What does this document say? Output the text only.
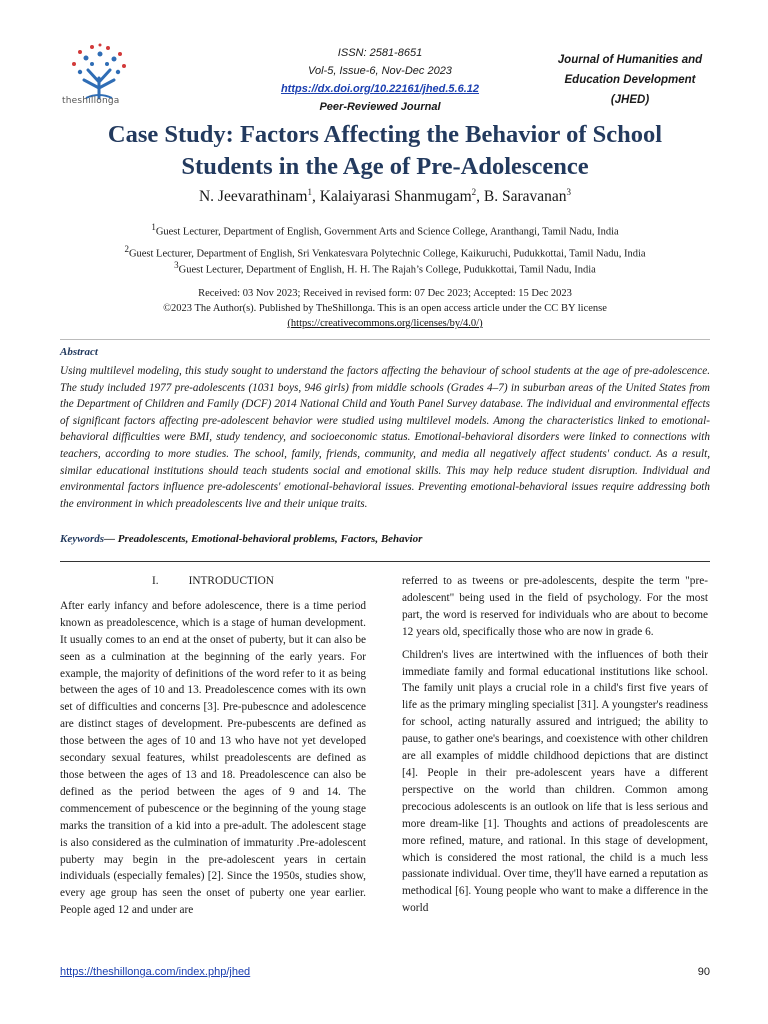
theshillonga
ISSN: 2581-8651
Vol-5, Issue-6, Nov-Dec 2023
https://dx.doi.org/10.22161/jhed.5.6.12
Peer-Reviewed Journal
Journal of Humanities and
Education Development
(JHED)
Case Study: Factors Affecting the Behavior of School
Students in the Age of Pre-Adolescence
N. Jeevarathinam$^1$, Kalaiyarasi Shanmugam$^2$, B. Saravanan$^3$
$^1$Guest Lecturer, Department of English, Government Arts and Science College, Aranthangi, Tamil Nadu, India
$^2$Guest Lecturer, Department of English, Sri Venkatesvara Polytechnic College, Kaikuruchi, Pudukkottai, Tamil Nadu, India
$^3$Guest Lecturer, Department of English, H. H. The Rajah’s College, Pudukkottai, Tamil Nadu, India
Received: 03 Nov 2023; Received in revised form: 07 Dec 2023; Accepted: 15 Dec 2023
©2023 The Author(s). Published by TheShillonga. This is an open access article under the CC BY license
(https://creativecommons.org/licenses/by/4.0/)
Abstract

Using multilevel modeling, this study sought to understand the factors affecting the behaviour of school students at the age of pre-adolescence. The study included 1977 pre-adolescents (1031 boys, 946 girls) from middle schools (Grades 4–7) in suburban areas of the United States from the Department of Children and Family (DCF) 2014 National Child and Youth Panel Survey database. The individual and environmental effects of significant factors affecting pre-adolescent behavior were studied using multilevel models. Among the characteristics linked to emotional-behavioral difficulties were BMI, study tendency, and socioeconomic status. Emotional-behavioral disorders were linked to connections with teachers, according to more studies. The school, family, friends, community, and media all negatively affect students' conduct. As a result, similar educational institutions should teach students social and emotional skills. This may help reduce student disruption. Individual and environmental factors influence pre-adolescents' emotional-behavioral issues. Preventing emotional-behavioral issues require addressing both the environment in which preadolescents live and their unique traits.

Keywords— Preadolescents, Emotional-behavioral problems, Factors, Behavior
I.	INTRODUCTION

After early infancy and before adolescence, there is a time period known as preadolescence, which is a stage of human development. It usually comes to an end at the onset of puberty, but it can also be seen as a culmination at the beginning of the early years. For example, the majority of definitions of the word refer to it as being between the ages of 10 and 13. Preadolescence comes with its own set of difficulties and concerns [3]. Pre-pubescnce and adolescence are distinct stages of development. Pre-pubescents are defined as those between the ages of 10 and 13 who have not yet developed secondary sexual features, whilst preadolescents are defined as those between the ages of 13 and 18. Preadolescence can also be defined as the period between the ages of 9 and 14. The commencement of pubescence or the beginning of the young stage marks the transition of a kid into a pre-adult. The adolescent stage is also considered as the culmination of immaturity .Pre-adolescent puberty may begin in the pre-adolescent years in certain individuals (especially females) [2]. Since the 1950s, studies show, every age group has seen the onset of puberty one year earlier. People aged 12 and under are

referred to as tweens or pre-adolescents, despite the term "pre-adolescent" being used in the field of psychology. For the most part, the word is reserved for individuals who are about to become 12 years old, specifically those who are now in grade 6.

Children's lives are intertwined with the influences of both their immediate family and formal educational institutions like school. The family unit plays a crucial role in a child's first five years of life as the primary mingling specialist [31]. A youngster's readiness for school, acting naturally assured and intrigued; the ability to pause, to gather one's bearings, and coexistence with other children are all examples of middle childhood depictions that are distinct [4]. People in their pre-adolescent years have a different perspective on the world than children. Common among precocious adolescents is an outlook on life that is less serious and more dream-like [1]. Thoughts and actions of preadolescents are more refined, mature, and rational. In this stage of development, which is considered the most rational, the child is a much less passionate individual. Over time, they'll have earned a reputation as methodical [6]. Young people who want to make a difference in the world

https://theshillonga.com/index.php/jhed	90
